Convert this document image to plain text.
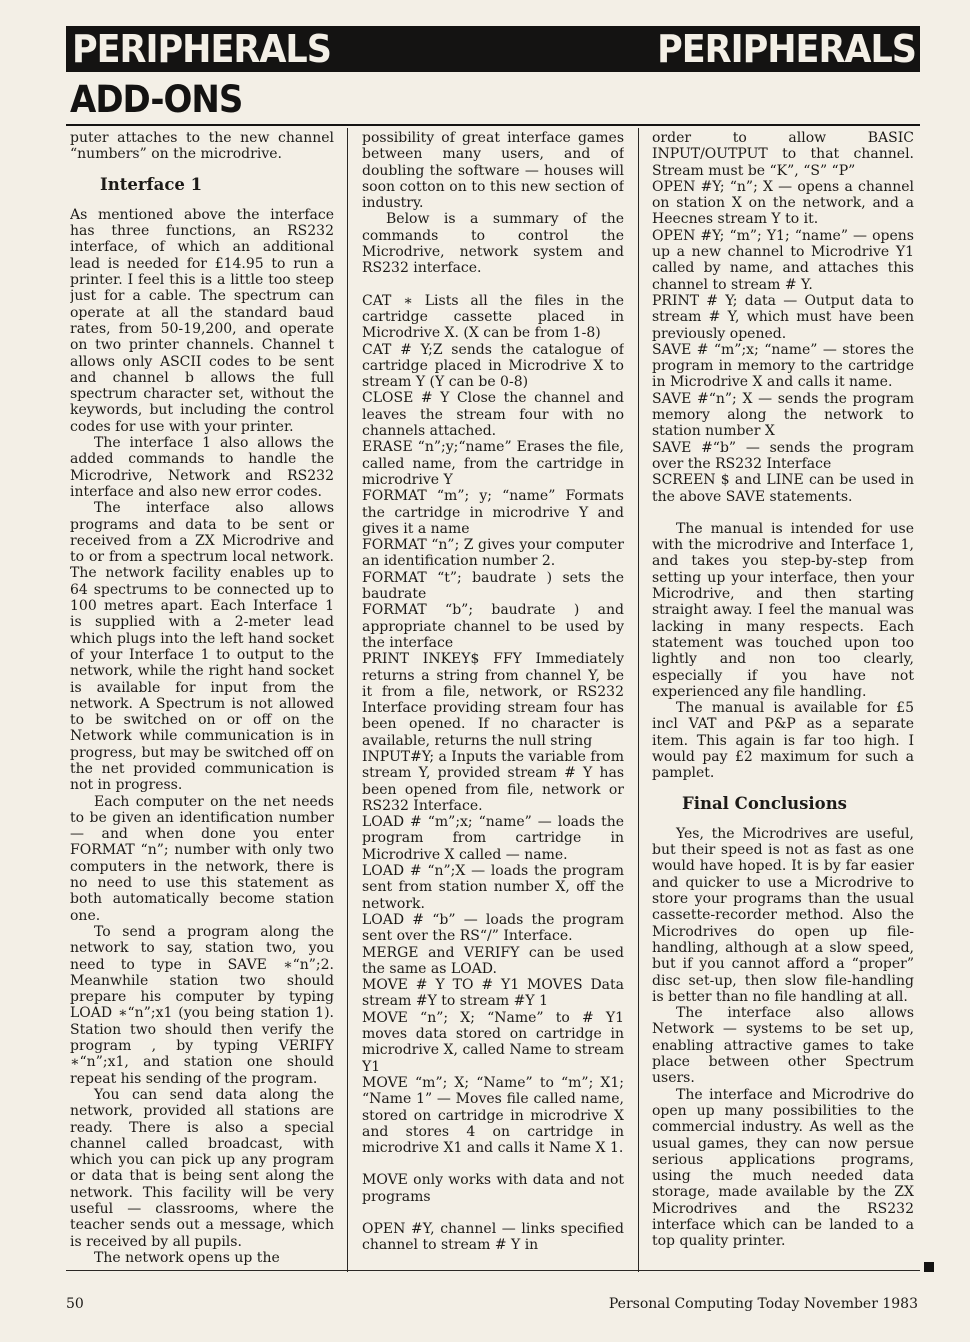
PERIPHERALS	PERIPHERALS
ADD-ONS

puter attaches to the new channel “numbers” on the microdrive.

Interface 1

As mentioned above the interface has three functions, an RS232 interface, of which an additional lead is needed for £14.95 to run a printer. I feel this is a little too steep just for a cable. The spectrum can operate at all the standard baud rates, from 50-19,200, and operate on two printer channels. Channel t allows only ASCII codes to be sent and channel b allows the full spectrum character set, without the keywords, but including the control codes for use with your printer.

The interface 1 also allows the added commands to handle the Microdrive, Network and RS232 interface and also new error codes.

The interface also allows programs and data to be sent or received from a ZX Microdrive and to or from a spectrum local network. The network facility enables up to 64 spectrums to be connected up to 100 metres apart. Each Interface 1 is supplied with a 2-meter lead which plugs into the left hand socket of your Interface 1 to output to the network, while the right hand socket is available for input from the network. A Spectrum is not allowed to be switched on or off on the Network while communication is in progress, but may be switched off on the net provided communication is not in progress.

Each computer on the net needs to be given an identification number — and when done you enter FORMAT “n”; number with only two computers in the network, there is no need to use this statement as both automatically become station one.

To send a program along the network to say, station two, you need to type in SAVE ∗“n”;2. Meanwhile station two should prepare his computer by typing LOAD ∗“n”;x1 (you being station 1). Station two should then verify the program , by typing VERIFY ∗“n”;x1, and station one should repeat his sending of the program.

You can send data along the network, provided all stations are ready. There is also a special channel called broadcast, with which you can pick up any program or data that is being sent along the network. This facility will be very useful — classrooms, where the teacher sends out a message, which is received by all pupils.

The network opens up the

possibility of great interface games between many users, and of doubling the software — houses will soon cotton on to this new section of industry.

Below is a summary of the commands to control the Microdrive, network system and RS232 interface.

CAT ∗ Lists all the files in the cartridge cassette placed in Microdrive X. (X can be from 1-8)

CAT # Y;Z sends the catalogue of cartridge placed in Microdrive X to stream Y (Y can be 0-8)

CLOSE # Y Close the channel and leaves the stream four with no channels attached.

ERASE “n”;y;“name” Erases the file, called name, from the cartridge in microdrive Y

FORMAT “m”; y; “name” Formats the cartridge in microdrive Y and gives it a name

FORMAT “n”; Z gives your computer an identification number 2.

FORMAT “t”; baudrate ) sets the baudrate

FORMAT “b”; baudrate ) and appropriate channel to be used by the interface

PRINT INKEY$ FFY Immediately returns a string from channel Y, be it from a file, network, or RS232 Interface providing stream four has been opened. If no character is available, returns the null string

INPUT#Y; a Inputs the variable from stream Y, provided stream # Y has been opened from file, network or RS232 Interface.

LOAD # “m”;x; “name” — loads the program from cartridge in Microdrive X called — name.

LOAD # “n”;X — loads the program sent from station number X, off the network.

LOAD # “b” — loads the program sent over the RS“/” Interface.

MERGE and VERIFY can be used the same as LOAD.

MOVE # Y TO # Y1 MOVES Data stream #Y to stream #Y 1

MOVE “n”; X; “Name” to # Y1 moves data stored on cartridge in microdrive X, called Name to stream Y1

MOVE “m”; X; “Name” to “m”; X1; “Name 1” — Moves file called name, stored on cartridge in microdrive X and stores 4 on cartridge in microdrive X1 and calls it Name X 1.

MOVE only works with data and not programs

OPEN #Y, channel — links specified channel to stream # Y in

order to allow BASIC INPUT/OUTPUT to that channel. Stream must be “K”, “S” “P”

OPEN #Y; “n”; X — opens a channel on station X on the network, and a Heecnes stream Y to it.

OPEN #Y; “m”; Y1; “name” — opens up a new channel to Microdrive Y1 called by name, and attaches this channel to stream # Y.

PRINT # Y; data — Output data to stream # Y, which must have been previously opened.

SAVE # “m”;x; “name” — stores the program in memory to the cartridge in Microdrive X and calls it name.

SAVE #“n”; X — sends the program memory along the network to station number X

SAVE #“b” — sends the program over the RS232 Interface

SCREEN $ and LINE can be used in the above SAVE statements.

The manual is intended for use with the microdrive and Interface 1, and takes you step-by-step from setting up your interface, then your Microdrive, and then starting straight away. I feel the manual was lacking in many respects. Each statement was touched upon too lightly and non too clearly, especially if you have not experienced any file handling.

The manual is available for £5 incl VAT and P&P as a separate item. This again is far too high. I would pay £2 maximum for such a pamplet.

Final Conclusions

Yes, the Microdrives are useful, but their speed is not as fast as one would have hoped. It is by far easier and quicker to use a Microdrive to store your programs than the usual cassette-recorder method. Also the Microdrives do open up file-handling, although at a slow speed, but if you cannot afford a “proper” disc set-up, then slow file-handling is better than no file handling at all.

The interface also allows Network — systems to be set up, enabling attractive games to take place between other Spectrum users.

The interface and Microdrive do open up many possibilities to the commercial industry. As well as the usual games, they can now persue serious applications programs, using the much needed data storage, made available by the ZX Microdrives and the RS232 interface which can be landed to a top quality printer.

50	Personal Computing Today November 1983
